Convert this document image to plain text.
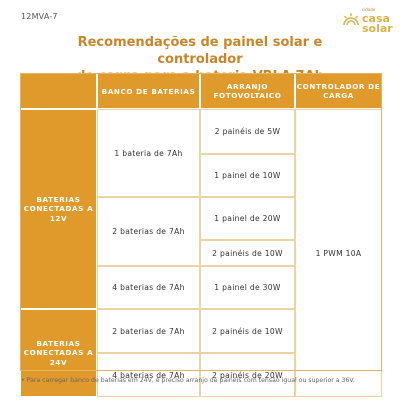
12MVA-7
cidade
casa
solar
Recomendações de painel solar e controlador
BANCO DE BATERIAS	ARRANJO FOTOVOLTAICO
CONTROLADOR DE CARGA
BATERIAS CONECTADAS A 12V
BATERIAS CONECTADAS A 24V
1 bateria de 7Ah
2 baterias de 7Ah
4 baterias de 7Ah
2 baterias de 7Ah
4 baterias de 7Ah
2 painéis de 5W
1 painel de 10W
1 painel de 20W
2 painéis de 10W
1 painel de 30W
2 painéis de 10W
2 painéis de 20W
1 PWM 10A
• Para carregar banco de baterias em 24V, é preciso arranjo de painéis com tensão igual ou superior a 36V.
